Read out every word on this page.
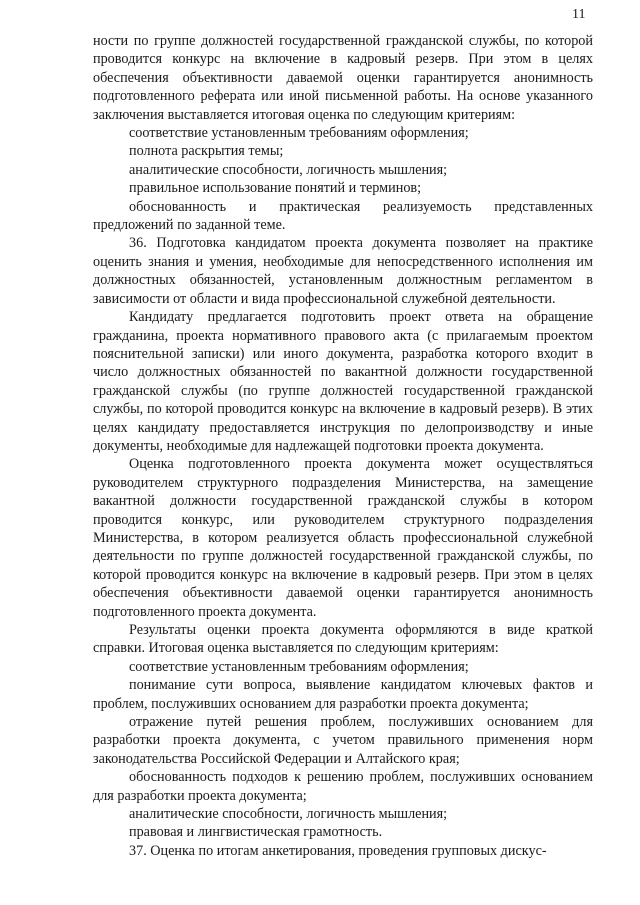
11

ности по группе должностей государственной гражданской службы, по которой проводится конкурс на включение в кадровый резерв. При этом в целях обеспечения объективности даваемой оценки гарантируется анонимность подготовленного реферата или иной письменной работы. На основе указанного заключения выставляется итоговая оценка по следующим критериям:

соответствие установленным требованиям оформления;

полнота раскрытия темы;

аналитические способности, логичность мышления;

правильное использование понятий и терминов;

обоснованность и практическая реализуемость представленных предложений по заданной теме.

36. Подготовка кандидатом проекта документа позволяет на практике оценить знания и умения, необходимые для непосредственного исполнения им должностных обязанностей, установленным должностным регламентом в зависимости от области и вида профессиональной служебной деятельности.

Кандидату предлагается подготовить проект ответа на обращение гражданина, проекта нормативного правового акта (с прилагаемым проектом пояснительной записки) или иного документа, разработка которого входит в число должностных обязанностей по вакантной должности государственной гражданской службы (по группе должностей государственной гражданской службы, по которой проводится конкурс на включение в кадровый резерв). В этих целях кандидату предоставляется инструкция по делопроизводству и иные документы, необходимые для надлежащей подготовки проекта документа.

Оценка подготовленного проекта документа может осуществляться руководителем структурного подразделения Министерства, на замещение вакантной должности государственной гражданской службы в котором проводится конкурс, или руководителем структурного подразделения Министерства, в котором реализуется область профессиональной служебной деятельности по группе должностей государственной гражданской службы, по которой проводится конкурс на включение в кадровый резерв. При этом в целях обеспечения объективности даваемой оценки гарантируется анонимность подготовленного проекта документа.

Результаты оценки проекта документа оформляются в виде краткой справки. Итоговая оценка выставляется по следующим критериям:

соответствие установленным требованиям оформления;

понимание сути вопроса, выявление кандидатом ключевых фактов и проблем, послуживших основанием для разработки проекта документа;

отражение путей решения проблем, послуживших основанием для разработки проекта документа, с учетом правильного применения норм законодательства Российской Федерации и Алтайского края;

обоснованность подходов к решению проблем, послуживших основанием для разработки проекта документа;

аналитические способности, логичность мышления;

правовая и лингвистическая грамотность.

37. Оценка по итогам анкетирования, проведения групповых дискус-
